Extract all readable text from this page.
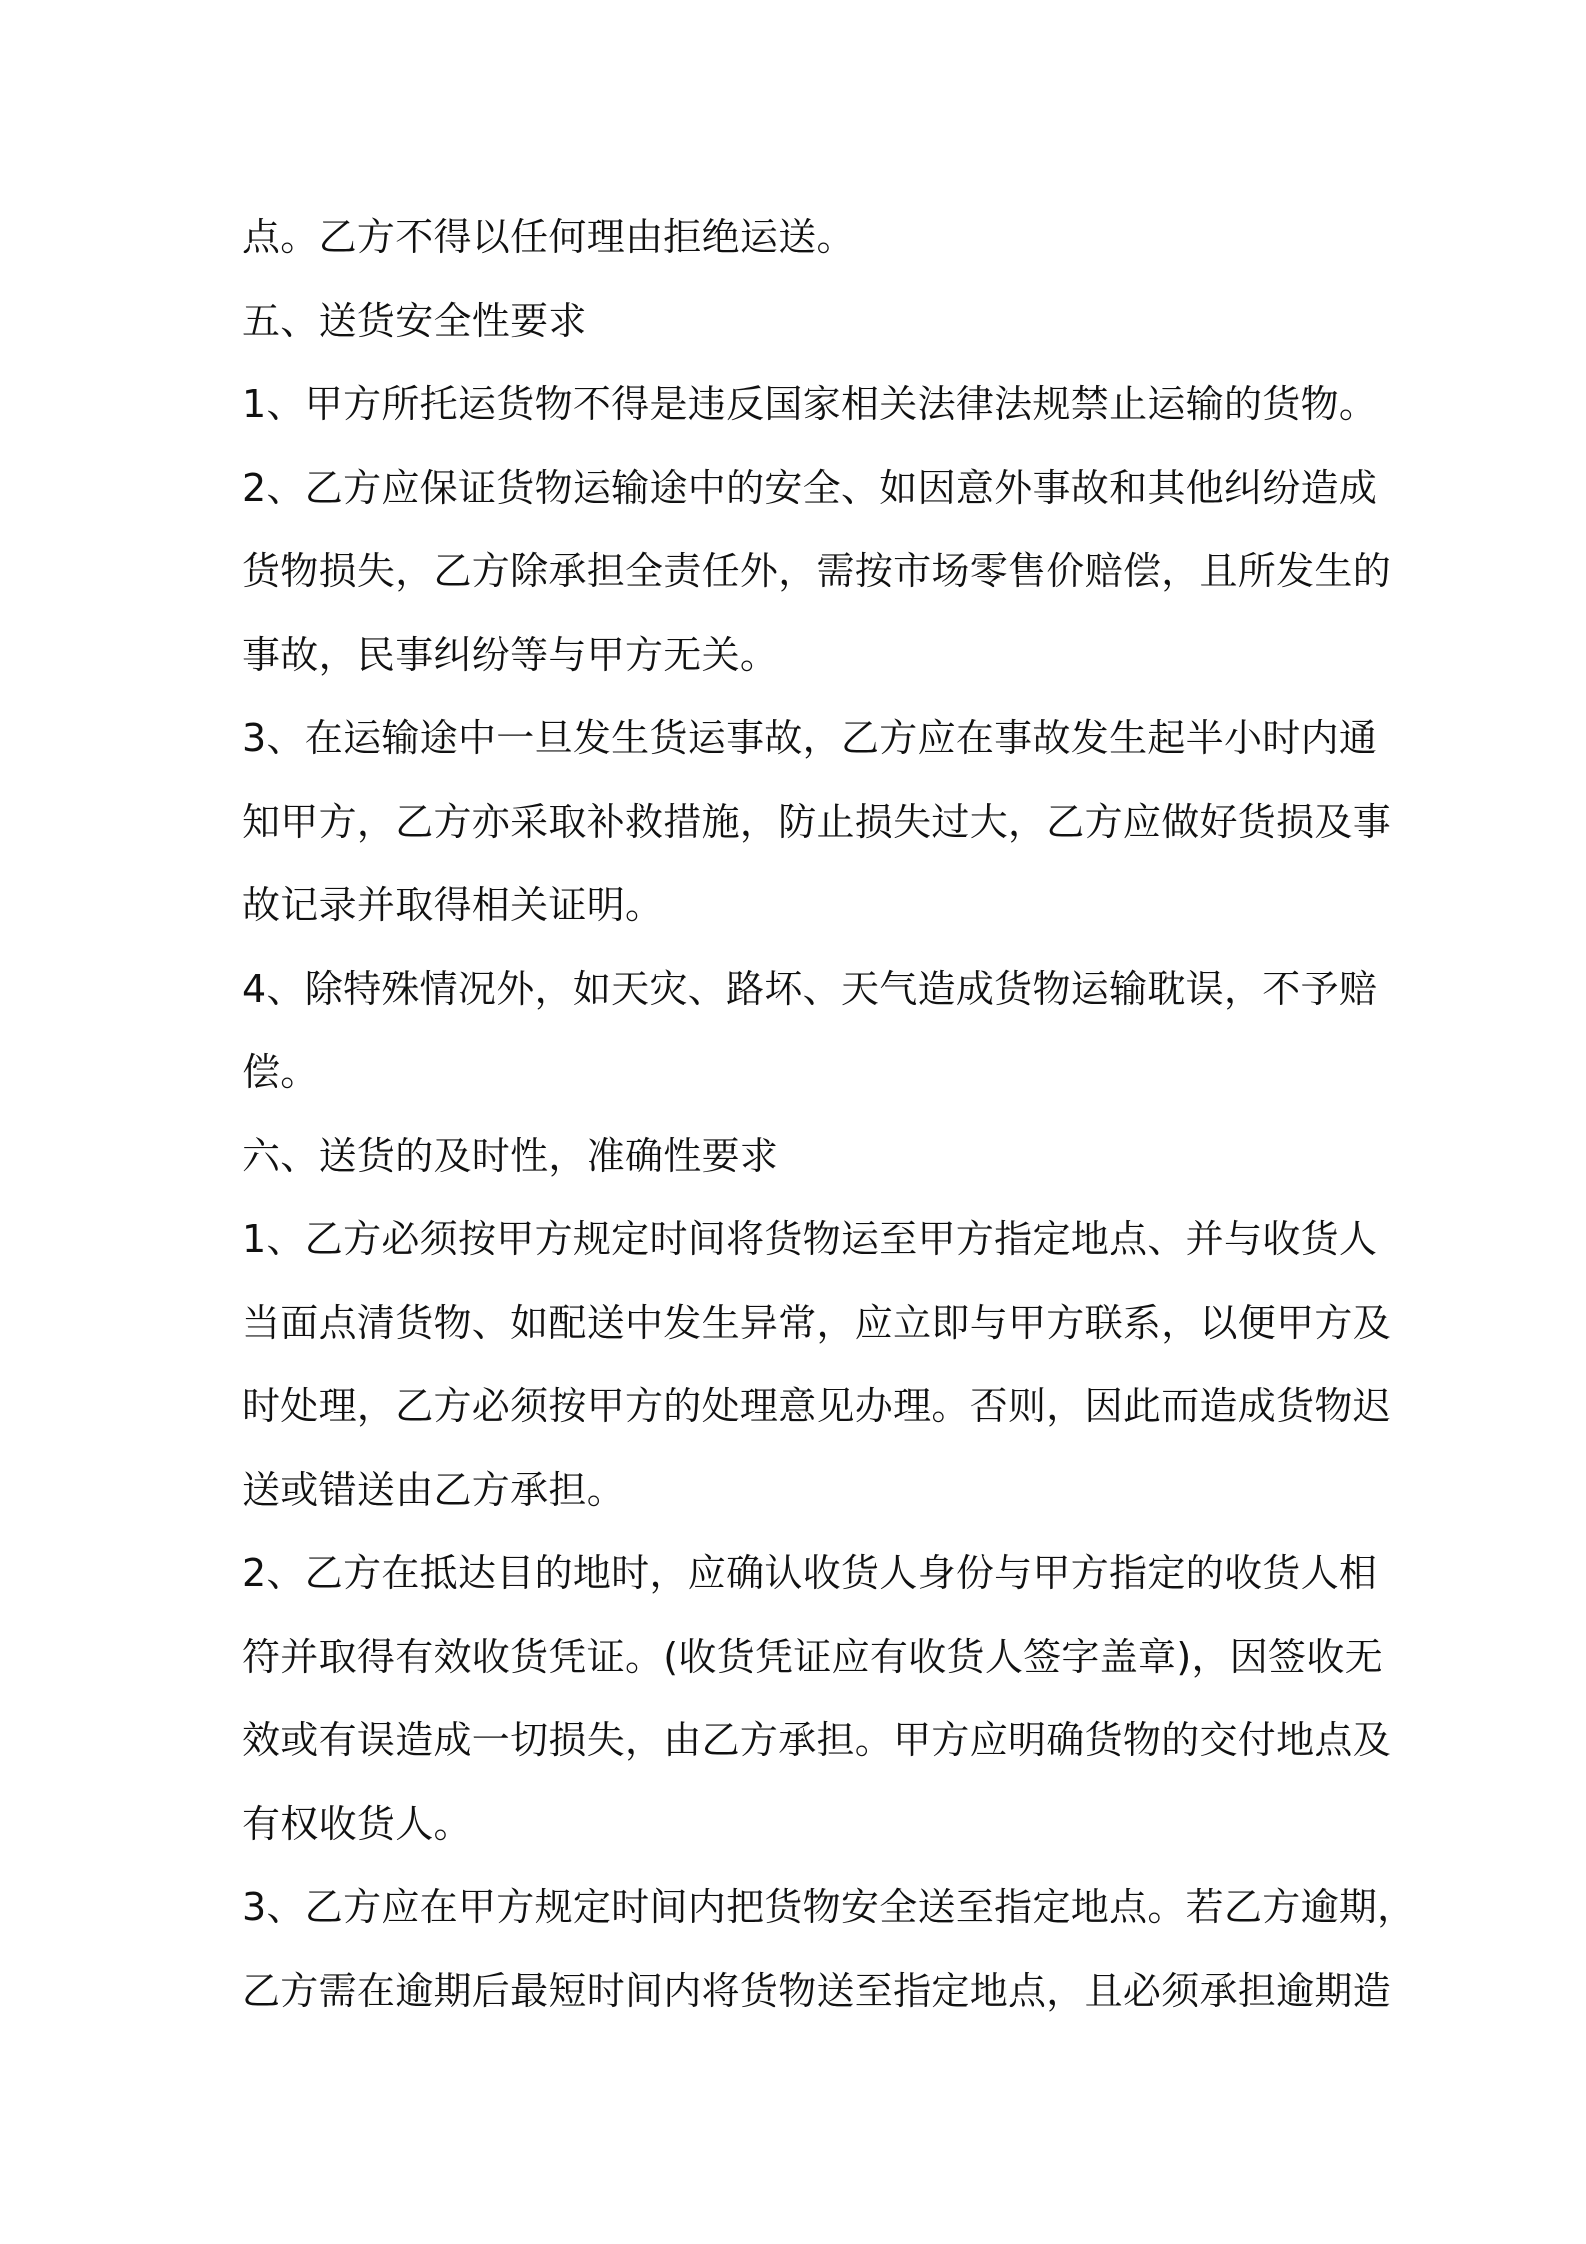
点。乙方不得以任何理由拒绝运送。
五、送货安全性要求
1、甲方所托运货物不得是违反国家相关法律法规禁止运输的货物。
2、乙方应保证货物运输途中的安全、如因意外事故和其他纠纷造成
货物损失，乙方除承担全责任外，需按市场零售价赔偿，且所发生的
事故，民事纠纷等与甲方无关。
3、在运输途中一旦发生货运事故，乙方应在事故发生起半小时内通
知甲方，乙方亦采取补救措施，防止损失过大，乙方应做好货损及事
故记录并取得相关证明。
4、除特殊情况外，如天灾、路坏、天气造成货物运输耽误，不予赔
偿。
六、送货的及时性，准确性要求
1、乙方必须按甲方规定时间将货物运至甲方指定地点、并与收货人
当面点清货物、如配送中发生异常，应立即与甲方联系，以便甲方及
时处理，乙方必须按甲方的处理意见办理。否则，因此而造成货物迟
送或错送由乙方承担。
2、乙方在抵达目的地时，应确认收货人身份与甲方指定的收货人相
符并取得有效收货凭证。(收货凭证应有收货人签字盖章)，因签收无
效或有误造成一切损失，由乙方承担。甲方应明确货物的交付地点及
有权收货人。
3、乙方应在甲方规定时间内把货物安全送至指定地点。若乙方逾期，
乙方需在逾期后最短时间内将货物送至指定地点，且必须承担逾期造
